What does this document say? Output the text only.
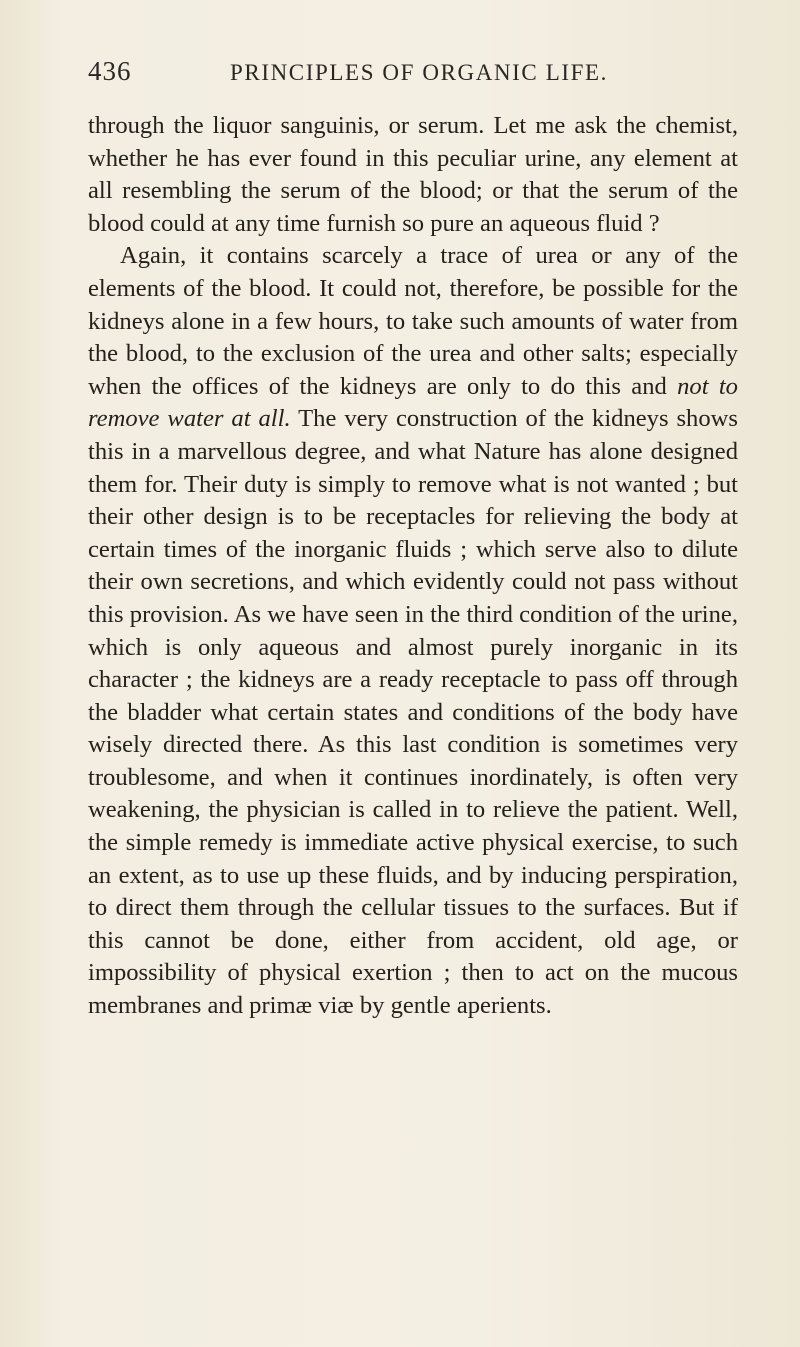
436	PRINCIPLES OF ORGANIC LIFE.

through the liquor sanguinis, or serum. Let me ask the chemist, whether he has ever found in this peculiar urine, any element at all resembling the serum of the blood; or that the serum of the blood could at any time furnish so pure an aqueous fluid ?

Again, it contains scarcely a trace of urea or any of the elements of the blood. It could not, therefore, be possible for the kidneys alone in a few hours, to take such amounts of water from the blood, to the exclusion of the urea and other salts; especially when the offices of the kidneys are only to do this and not to remove water at all. The very construction of the kidneys shows this in a marvellous degree, and what Nature has alone designed them for. Their duty is simply to remove what is not wanted ; but their other design is to be receptacles for relieving the body at certain times of the inorganic fluids ; which serve also to dilute their own secretions, and which evidently could not pass without this provision. As we have seen in the third condition of the urine, which is only aqueous and almost purely inorganic in its character ; the kidneys are a ready receptacle to pass off through the bladder what certain states and conditions of the body have wisely directed there. As this last condition is sometimes very troublesome, and when it continues inordinately, is often very weakening, the physician is called in to relieve the patient. Well, the simple remedy is immediate active physical exercise, to such an extent, as to use up these fluids, and by inducing perspiration, to direct them through the cellular tissues to the surfaces. But if this cannot be done, either from accident, old age, or impossibility of physical exertion ; then to act on the mucous membranes and primæ viæ by gentle aperients.
